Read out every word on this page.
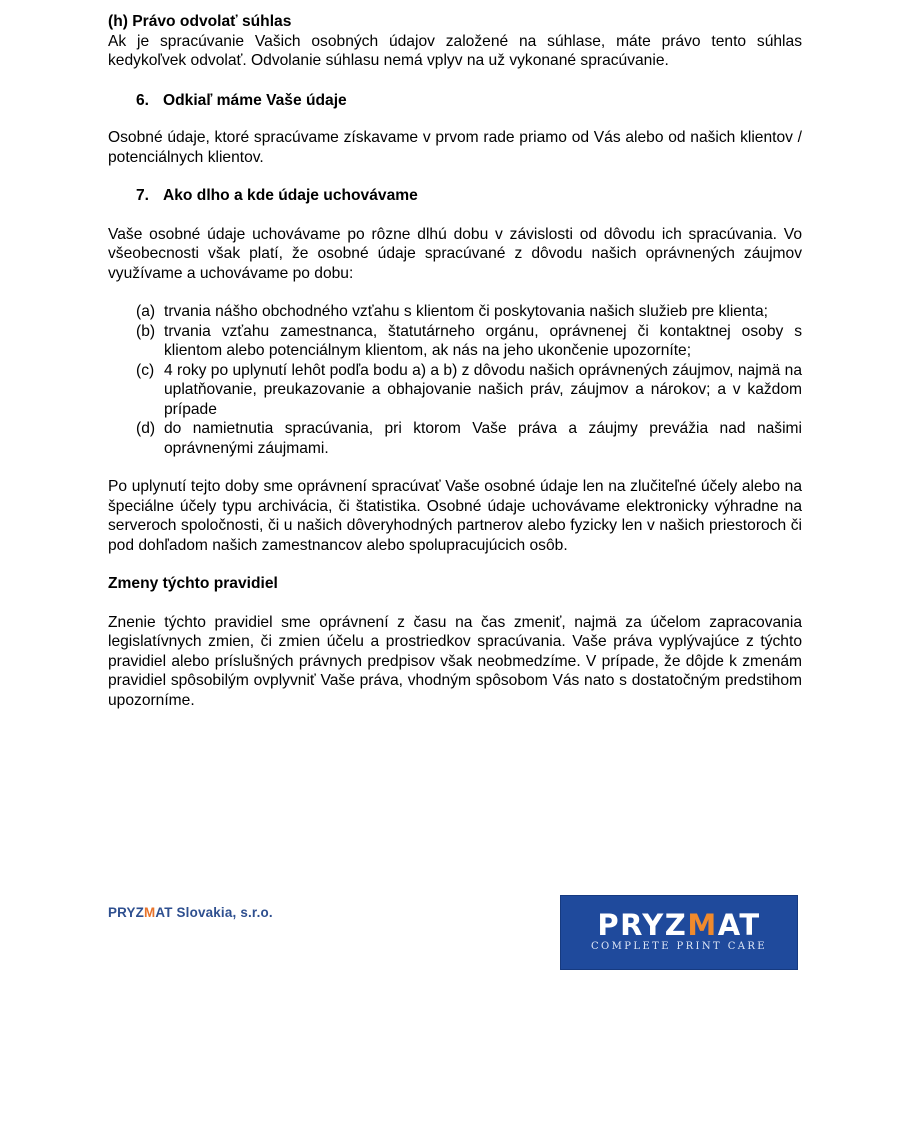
(h) Právo odvolať súhlas

Ak je spracúvanie Vašich osobných údajov založené na súhlase, máte právo tento súhlas kedykoľvek odvolať. Odvolanie súhlasu nemá vplyv na už vykonané spracúvanie.

6. Odkiaľ máme Vaše údaje

Osobné údaje, ktoré spracúvame získavame v prvom rade priamo od Vás alebo od našich klientov / potenciálnych klientov.

7. Ako dlho a kde údaje uchovávame

Vaše osobné údaje uchovávame po rôzne dlhú dobu v závislosti od dôvodu ich spracúvania. Vo všeobecnosti však platí, že osobné údaje spracúvané z dôvodu našich oprávnených záujmov využívame a uchovávame po dobu:

(a) trvania nášho obchodného vzťahu s klientom či poskytovania našich služieb pre klienta;
(b) trvania vzťahu zamestnanca, štatutárneho orgánu, oprávnenej či kontaktnej osoby s klientom alebo potenciálnym klientom, ak nás na jeho ukončenie upozorníte;
(c) 4 roky po uplynutí lehôt podľa bodu a) a b) z dôvodu našich oprávnených záujmov, najmä na uplatňovanie, preukazovanie a obhajovanie našich práv, záujmov a nárokov; a v každom prípade
(d) do namietnutia spracúvania, pri ktorom Vaše práva a záujmy prevážia nad našimi oprávnenými záujmami.

Po uplynutí tejto doby sme oprávnení spracúvať Vaše osobné údaje len na zlučiteľné účely alebo na špeciálne účely typu archivácia, či štatistika. Osobné údaje uchovávame elektronicky výhradne na serveroch spoločnosti, či u našich dôveryhodných partnerov alebo fyzicky len v našich priestoroch či pod dohľadom našich zamestnancov alebo spolupracujúcich osôb.

Zmeny týchto pravidiel

Znenie týchto pravidiel sme oprávnení z času na čas zmeniť, najmä za účelom zapracovania legislatívnych zmien, či zmien účelu a prostriedkov spracúvania. Vaše práva vyplývajúce z týchto pravidiel alebo príslušných právnych predpisov však neobmedzíme. V prípade, že dôjde k zmenám pravidiel spôsobilým ovplyvniť Vaše práva, vhodným spôsobom Vás nato s dostatočným predstihom upozorníme.

PRYZMAT Slovakia, s.r.o.	PRYZMAT
COMPLETE PRINT CARE
